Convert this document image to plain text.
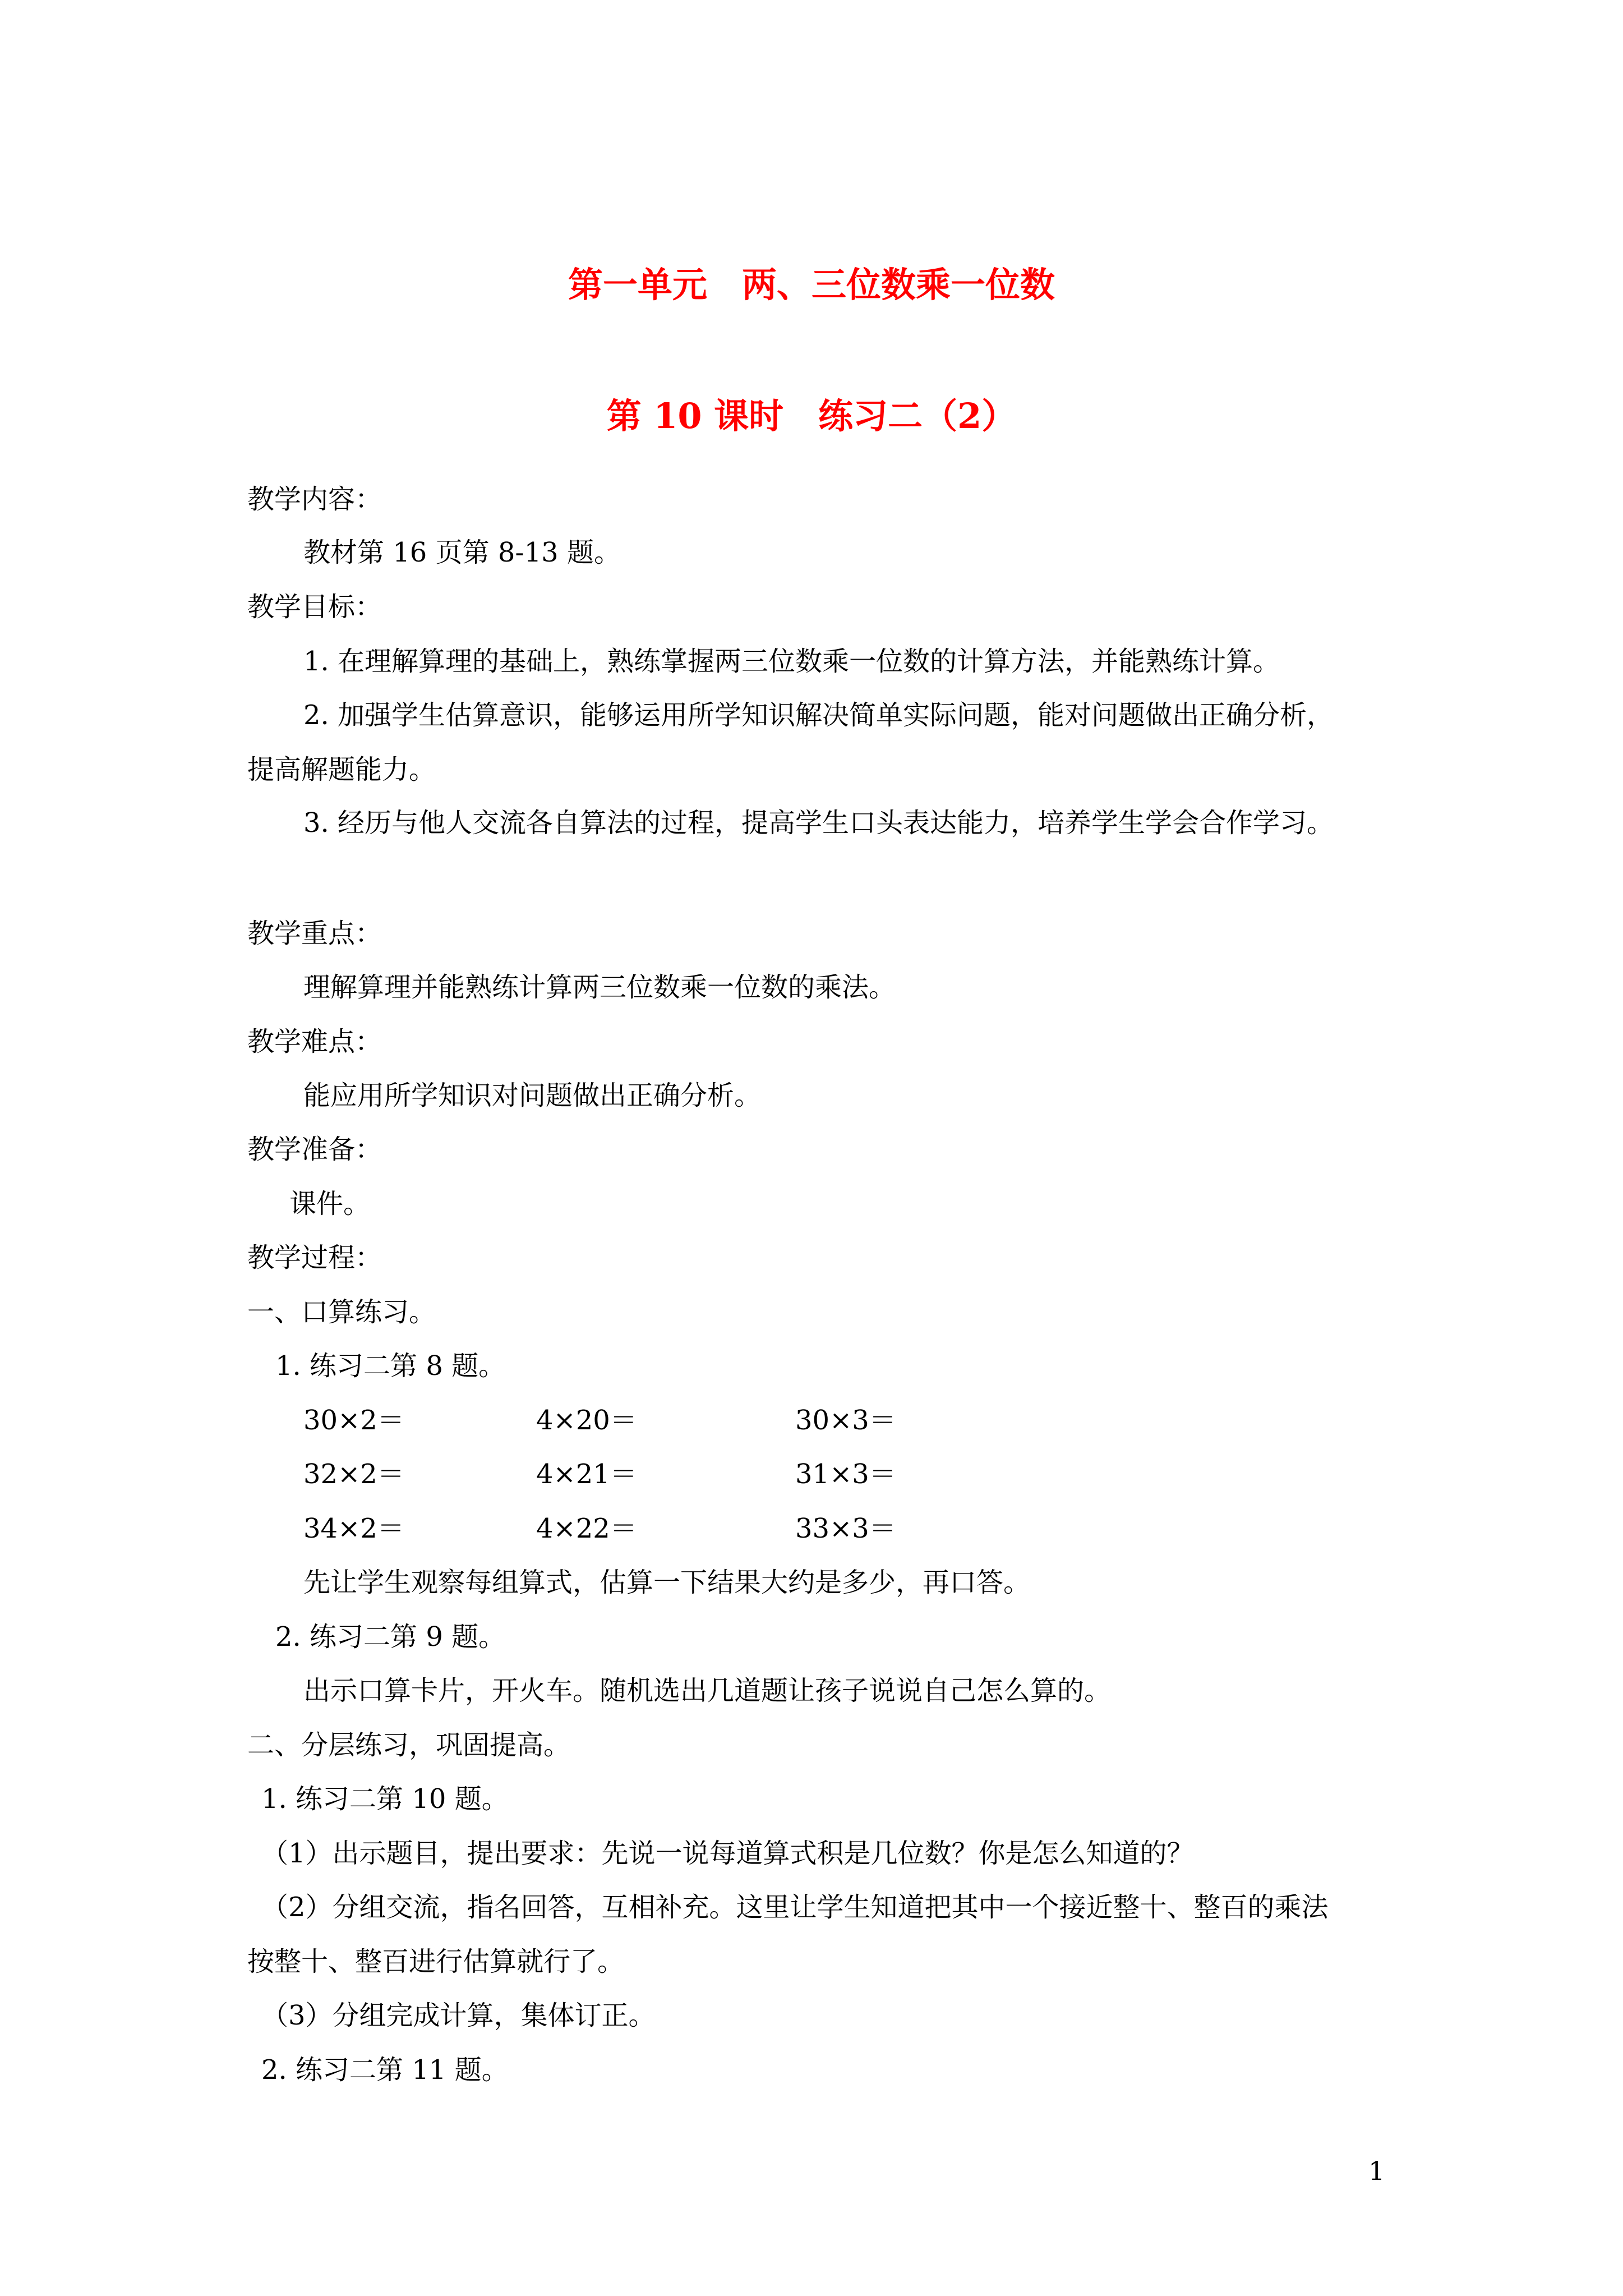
第一单元　两、三位数乘一位数
第 10 课时　练习二（2）
教学内容：
教材第 16 页第 8-13 题。
教学目标：
1. 在理解算理的基础上，熟练掌握两三位数乘一位数的计算方法，并能熟练计算。
2. 加强学生估算意识，能够运用所学知识解决简单实际问题，能对问题做出正确分析，
提高解题能力。
3. 经历与他人交流各自算法的过程，提高学生口头表达能力，培养学生学会合作学习。
教学重点：
理解算理并能熟练计算两三位数乘一位数的乘法。
教学难点：
能应用所学知识对问题做出正确分析。
教学准备：
课件。
教学过程：
一、口算练习。
1. 练习二第 8 题。
30×2＝	4×20＝	30×3＝
32×2＝	4×21＝	31×3＝
34×2＝	4×22＝	33×3＝
先让学生观察每组算式，估算一下结果大约是多少，再口答。
2. 练习二第 9 题。
出示口算卡片，开火车。随机选出几道题让孩子说说自己怎么算的。
二、分层练习，巩固提高。
1. 练习二第 10 题。
（1）出示题目，提出要求：先说一说每道算式积是几位数？你是怎么知道的？
（2）分组交流，指名回答，互相补充。这里让学生知道把其中一个接近整十、整百的乘法
按整十、整百进行估算就行了。
（3）分组完成计算，集体订正。
2. 练习二第 11 题。
1
